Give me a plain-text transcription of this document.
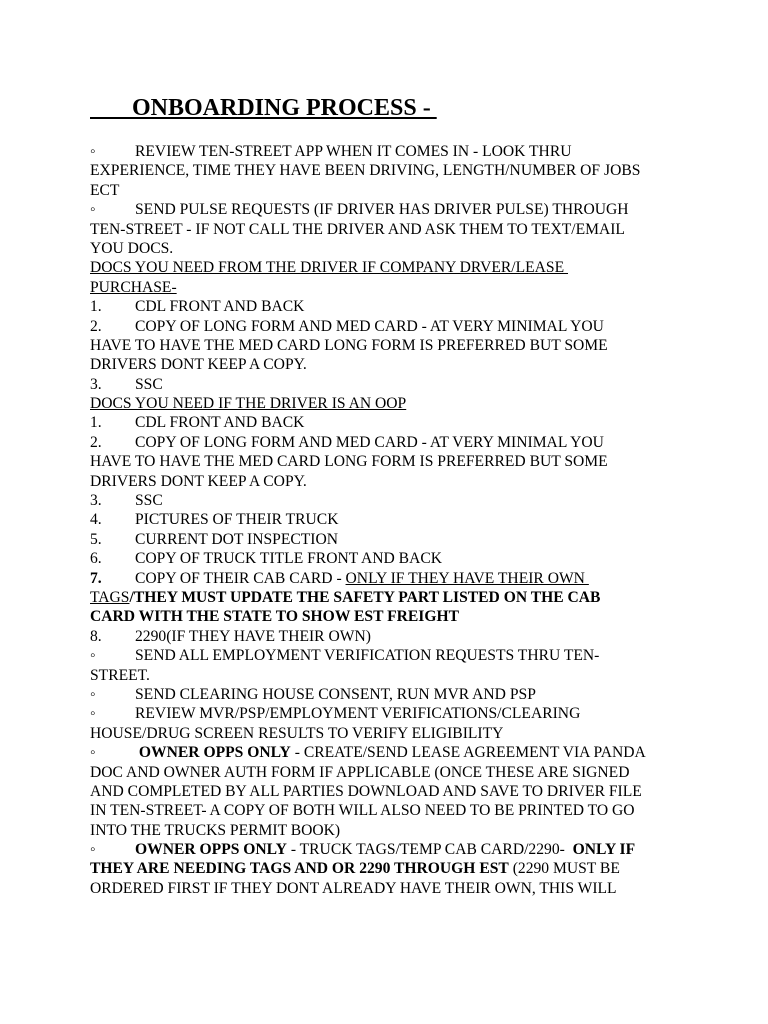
ONBOARDING PROCESS -
◦	REVIEW TEN-STREET APP WHEN IT COMES IN - LOOK THRU
EXPERIENCE, TIME THEY HAVE BEEN DRIVING, LENGTH/NUMBER OF JOBS
ECT
◦	SEND PULSE REQUESTS (IF DRIVER HAS DRIVER PULSE) THROUGH
TEN-STREET - IF NOT CALL THE DRIVER AND ASK THEM TO TEXT/EMAIL
YOU DOCS.
DOCS YOU NEED FROM THE DRIVER IF COMPANY DRVER/LEASE
PURCHASE-
1. CDL FRONT AND BACK
2. COPY OF LONG FORM AND MED CARD - AT VERY MINIMAL YOU
HAVE TO HAVE THE MED CARD LONG FORM IS PREFERRED BUT SOME
DRIVERS DONT KEEP A COPY.
3. SSC
DOCS YOU NEED IF THE DRIVER IS AN OOP
1. CDL FRONT AND BACK
2. COPY OF LONG FORM AND MED CARD - AT VERY MINIMAL YOU
HAVE TO HAVE THE MED CARD LONG FORM IS PREFERRED BUT SOME
DRIVERS DONT KEEP A COPY.
3. SSC
4. PICTURES OF THEIR TRUCK
5. CURRENT DOT INSPECTION
6. COPY OF TRUCK TITLE FRONT AND BACK
7. COPY OF THEIR CAB CARD - ONLY IF THEY HAVE THEIR OWN
TAGS/THEY MUST UPDATE THE SAFETY PART LISTED ON THE CAB
CARD WITH THE STATE TO SHOW EST FREIGHT
8. 2290(IF THEY HAVE THEIR OWN)
◦	SEND ALL EMPLOYMENT VERIFICATION REQUESTS THRU TEN-
STREET.
◦	SEND CLEARING HOUSE CONSENT, RUN MVR AND PSP
◦	REVIEW MVR/PSP/EMPLOYMENT VERIFICATIONS/CLEARING
HOUSE/DRUG SCREEN RESULTS TO VERIFY ELIGIBILITY
◦	OWNER OPPS ONLY - CREATE/SEND LEASE AGREEMENT VIA PANDA
DOC AND OWNER AUTH FORM IF APPLICABLE (ONCE THESE ARE SIGNED
AND COMPLETED BY ALL PARTIES DOWNLOAD AND SAVE TO DRIVER FILE
IN TEN-STREET- A COPY OF BOTH WILL ALSO NEED TO BE PRINTED TO GO
INTO THE TRUCKS PERMIT BOOK)
◦	OWNER OPPS ONLY - TRUCK TAGS/TEMP CAB CARD/2290-  ONLY IF
THEY ARE NEEDING TAGS AND OR 2290 THROUGH EST (2290 MUST BE
ORDERED FIRST IF THEY DONT ALREADY HAVE THEIR OWN, THIS WILL
